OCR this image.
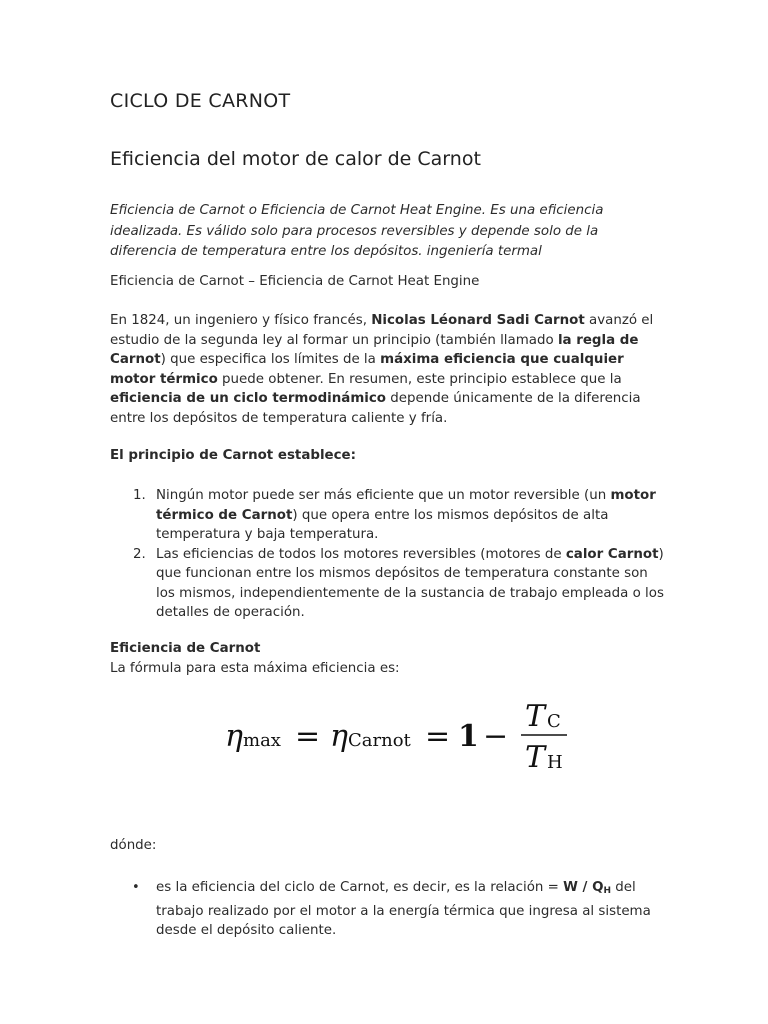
CICLO DE CARNOT
Eficiencia del motor de calor de Carnot

Eficiencia de Carnot o Eficiencia de Carnot Heat Engine. Es una eficiencia idealizada. Es válido solo para procesos reversibles y depende solo de la diferencia de temperatura entre los depósitos. ingeniería termal

Eficiencia de Carnot – Eficiencia de Carnot Heat Engine

En 1824, un ingeniero y físico francés, Nicolas Léonard Sadi Carnot avanzó el estudio de la segunda ley al formar un principio (también llamado la regla de Carnot) que especifica los límites de la máxima eficiencia que cualquier motor térmico puede obtener. En resumen, este principio establece que la eficiencia de un ciclo termodinámico depende únicamente de la diferencia entre los depósitos de temperatura caliente y fría.

El principio de Carnot establece:

1. Ningún motor puede ser más eficiente que un motor reversible (un motor térmico de Carnot) que opera entre los mismos depósitos de alta temperatura y baja temperatura.
2. Las eficiencias de todos los motores reversibles (motores de calor Carnot) que funcionan entre los mismos depósitos de temperatura constante son los mismos, independientemente de la sustancia de trabajo empleada o los detalles de operación.

Eficiencia de Carnot

La fórmula para esta máxima eficiencia es:

η max = η Carnot = 1 −
T C
T H

dónde:

• es la eficiencia del ciclo de Carnot, es decir, es la relación = W / $Q_H$ del trabajo realizado por el motor a la energía térmica que ingresa al sistema desde el depósito caliente.
